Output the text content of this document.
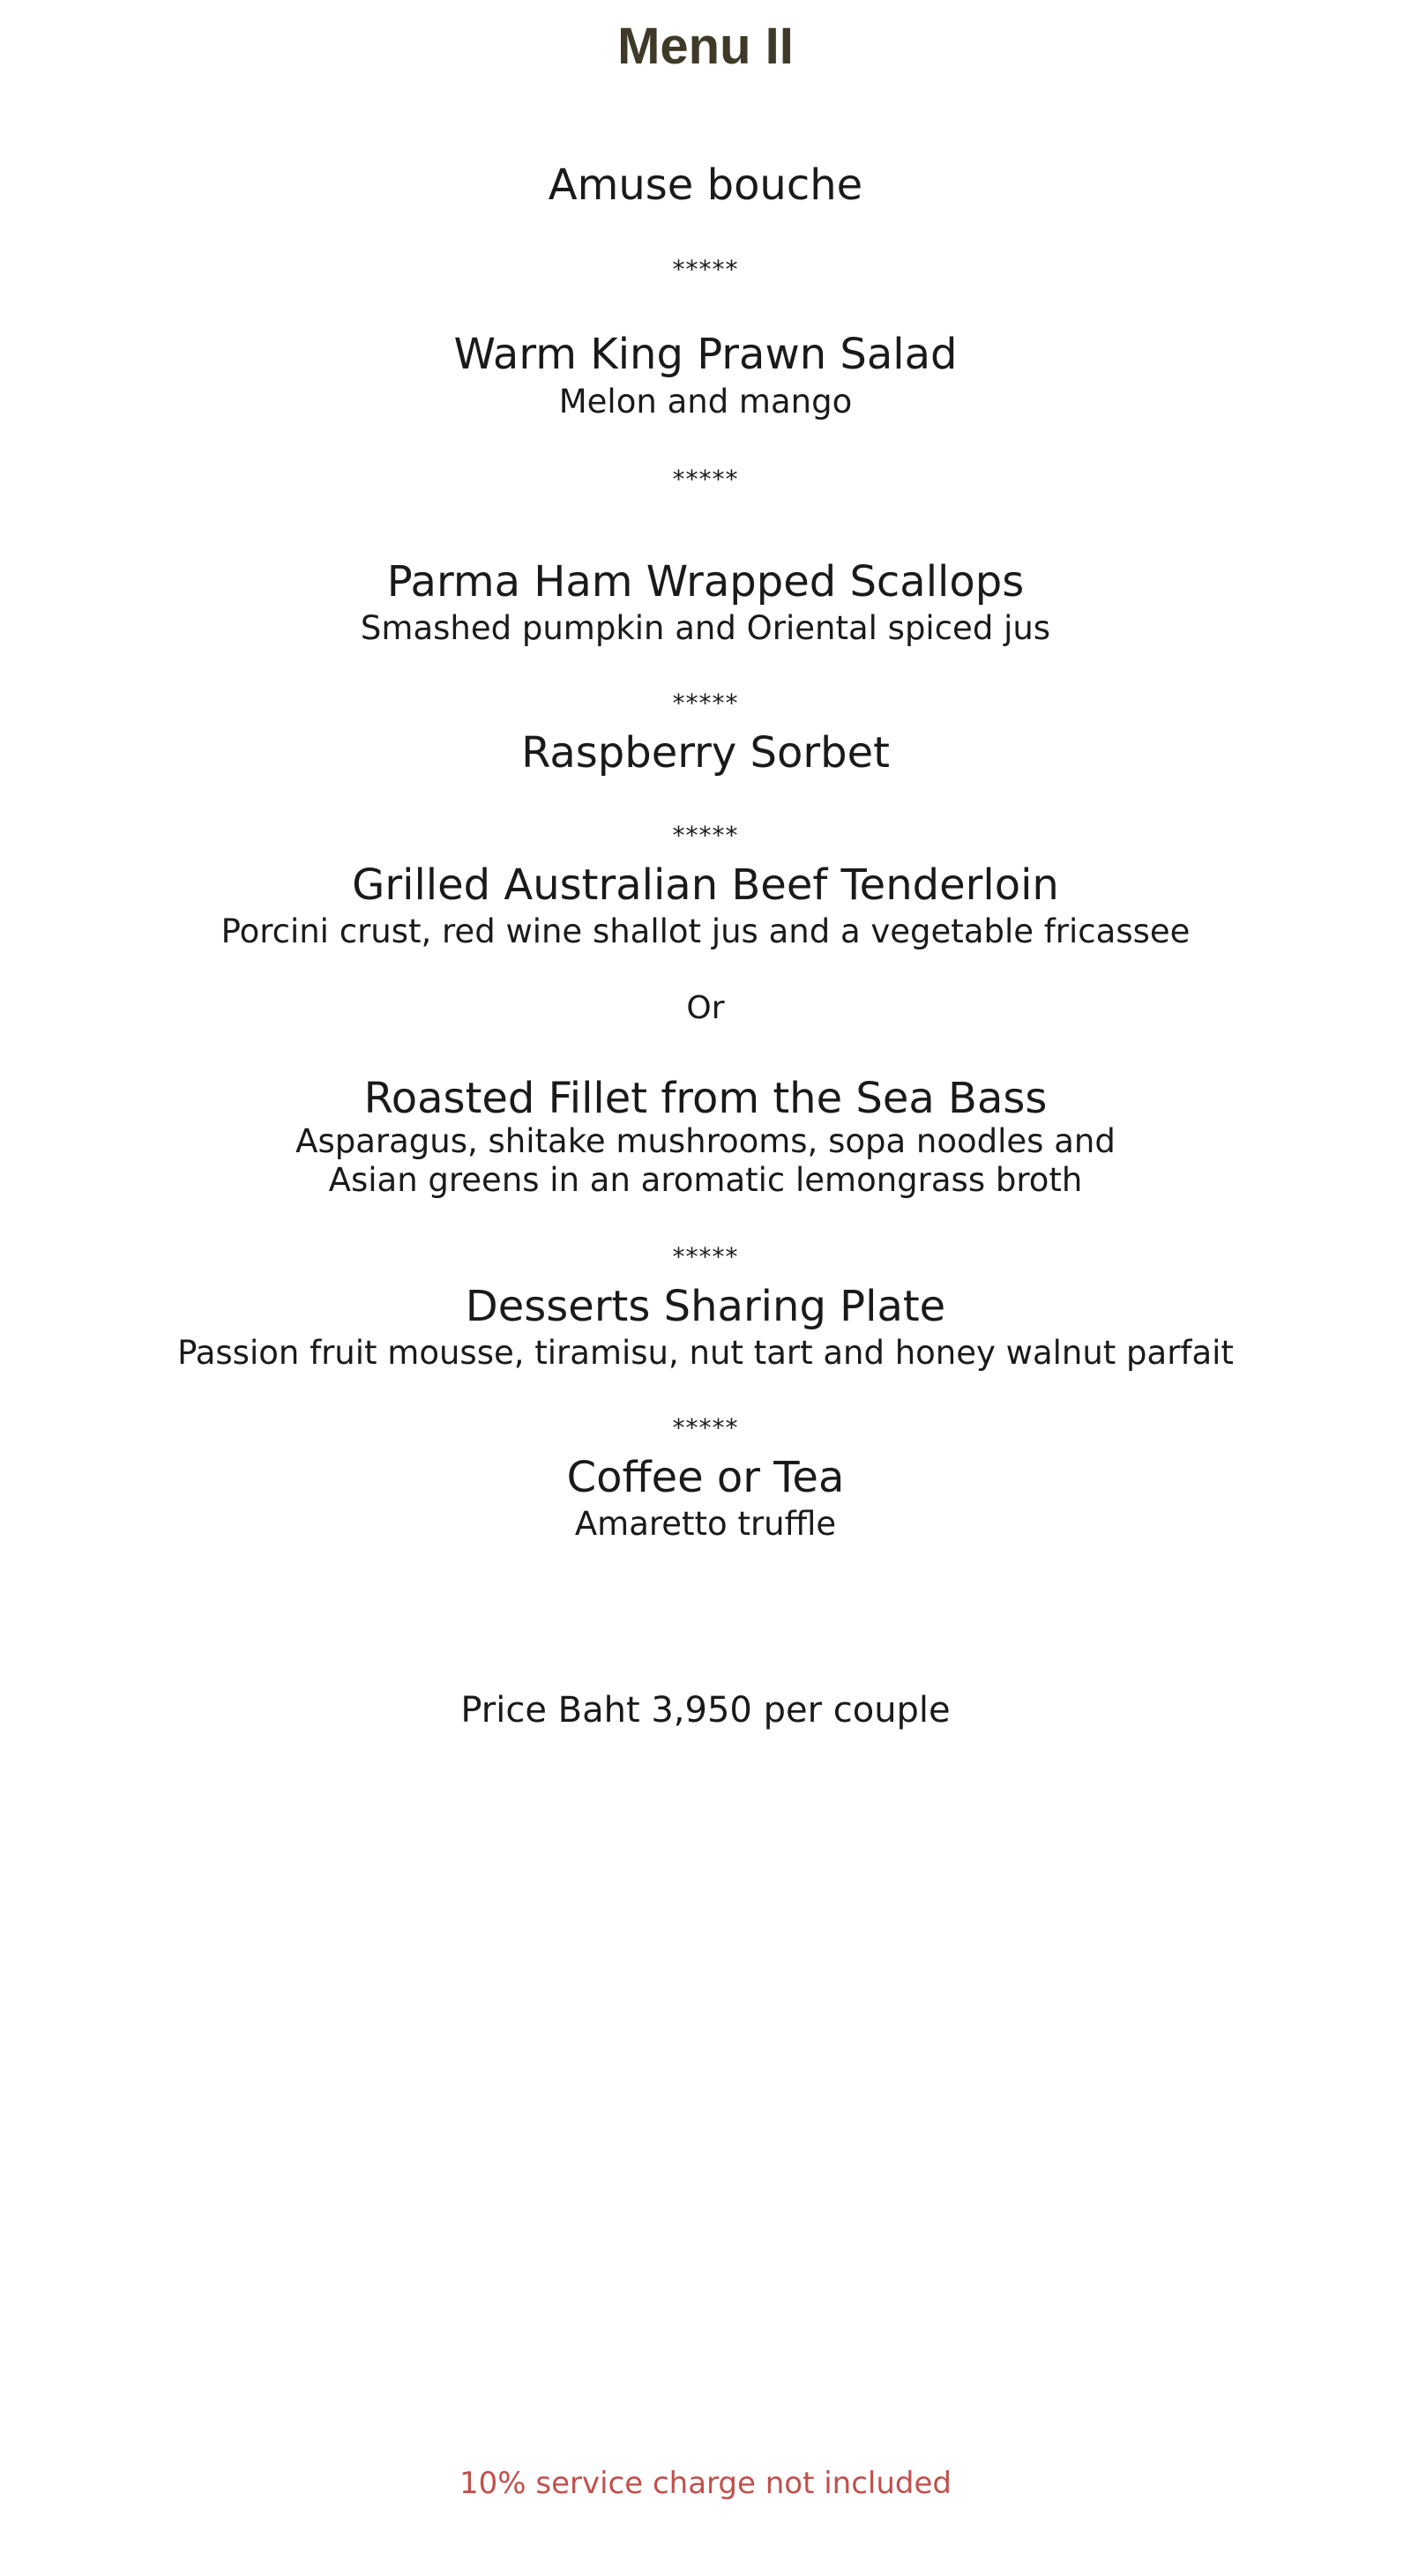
Menu II
Amuse bouche
*****
Warm King Prawn Salad
Melon and mango
*****
Parma Ham Wrapped Scallops
Smashed pumpkin and Oriental spiced jus
*****
Raspberry Sorbet
*****
Grilled Australian Beef Tenderloin
Porcini crust, red wine shallot jus and a vegetable fricassee
Or
Roasted Fillet from the Sea Bass
Asparagus, shitake mushrooms, sopa noodles and
Asian greens in an aromatic lemongrass broth
*****
Desserts Sharing Plate
Passion fruit mousse, tiramisu, nut tart and honey walnut parfait
*****
Coffee or Tea
Amaretto truffle
Price Baht 3,950 per couple
10% service charge not included
